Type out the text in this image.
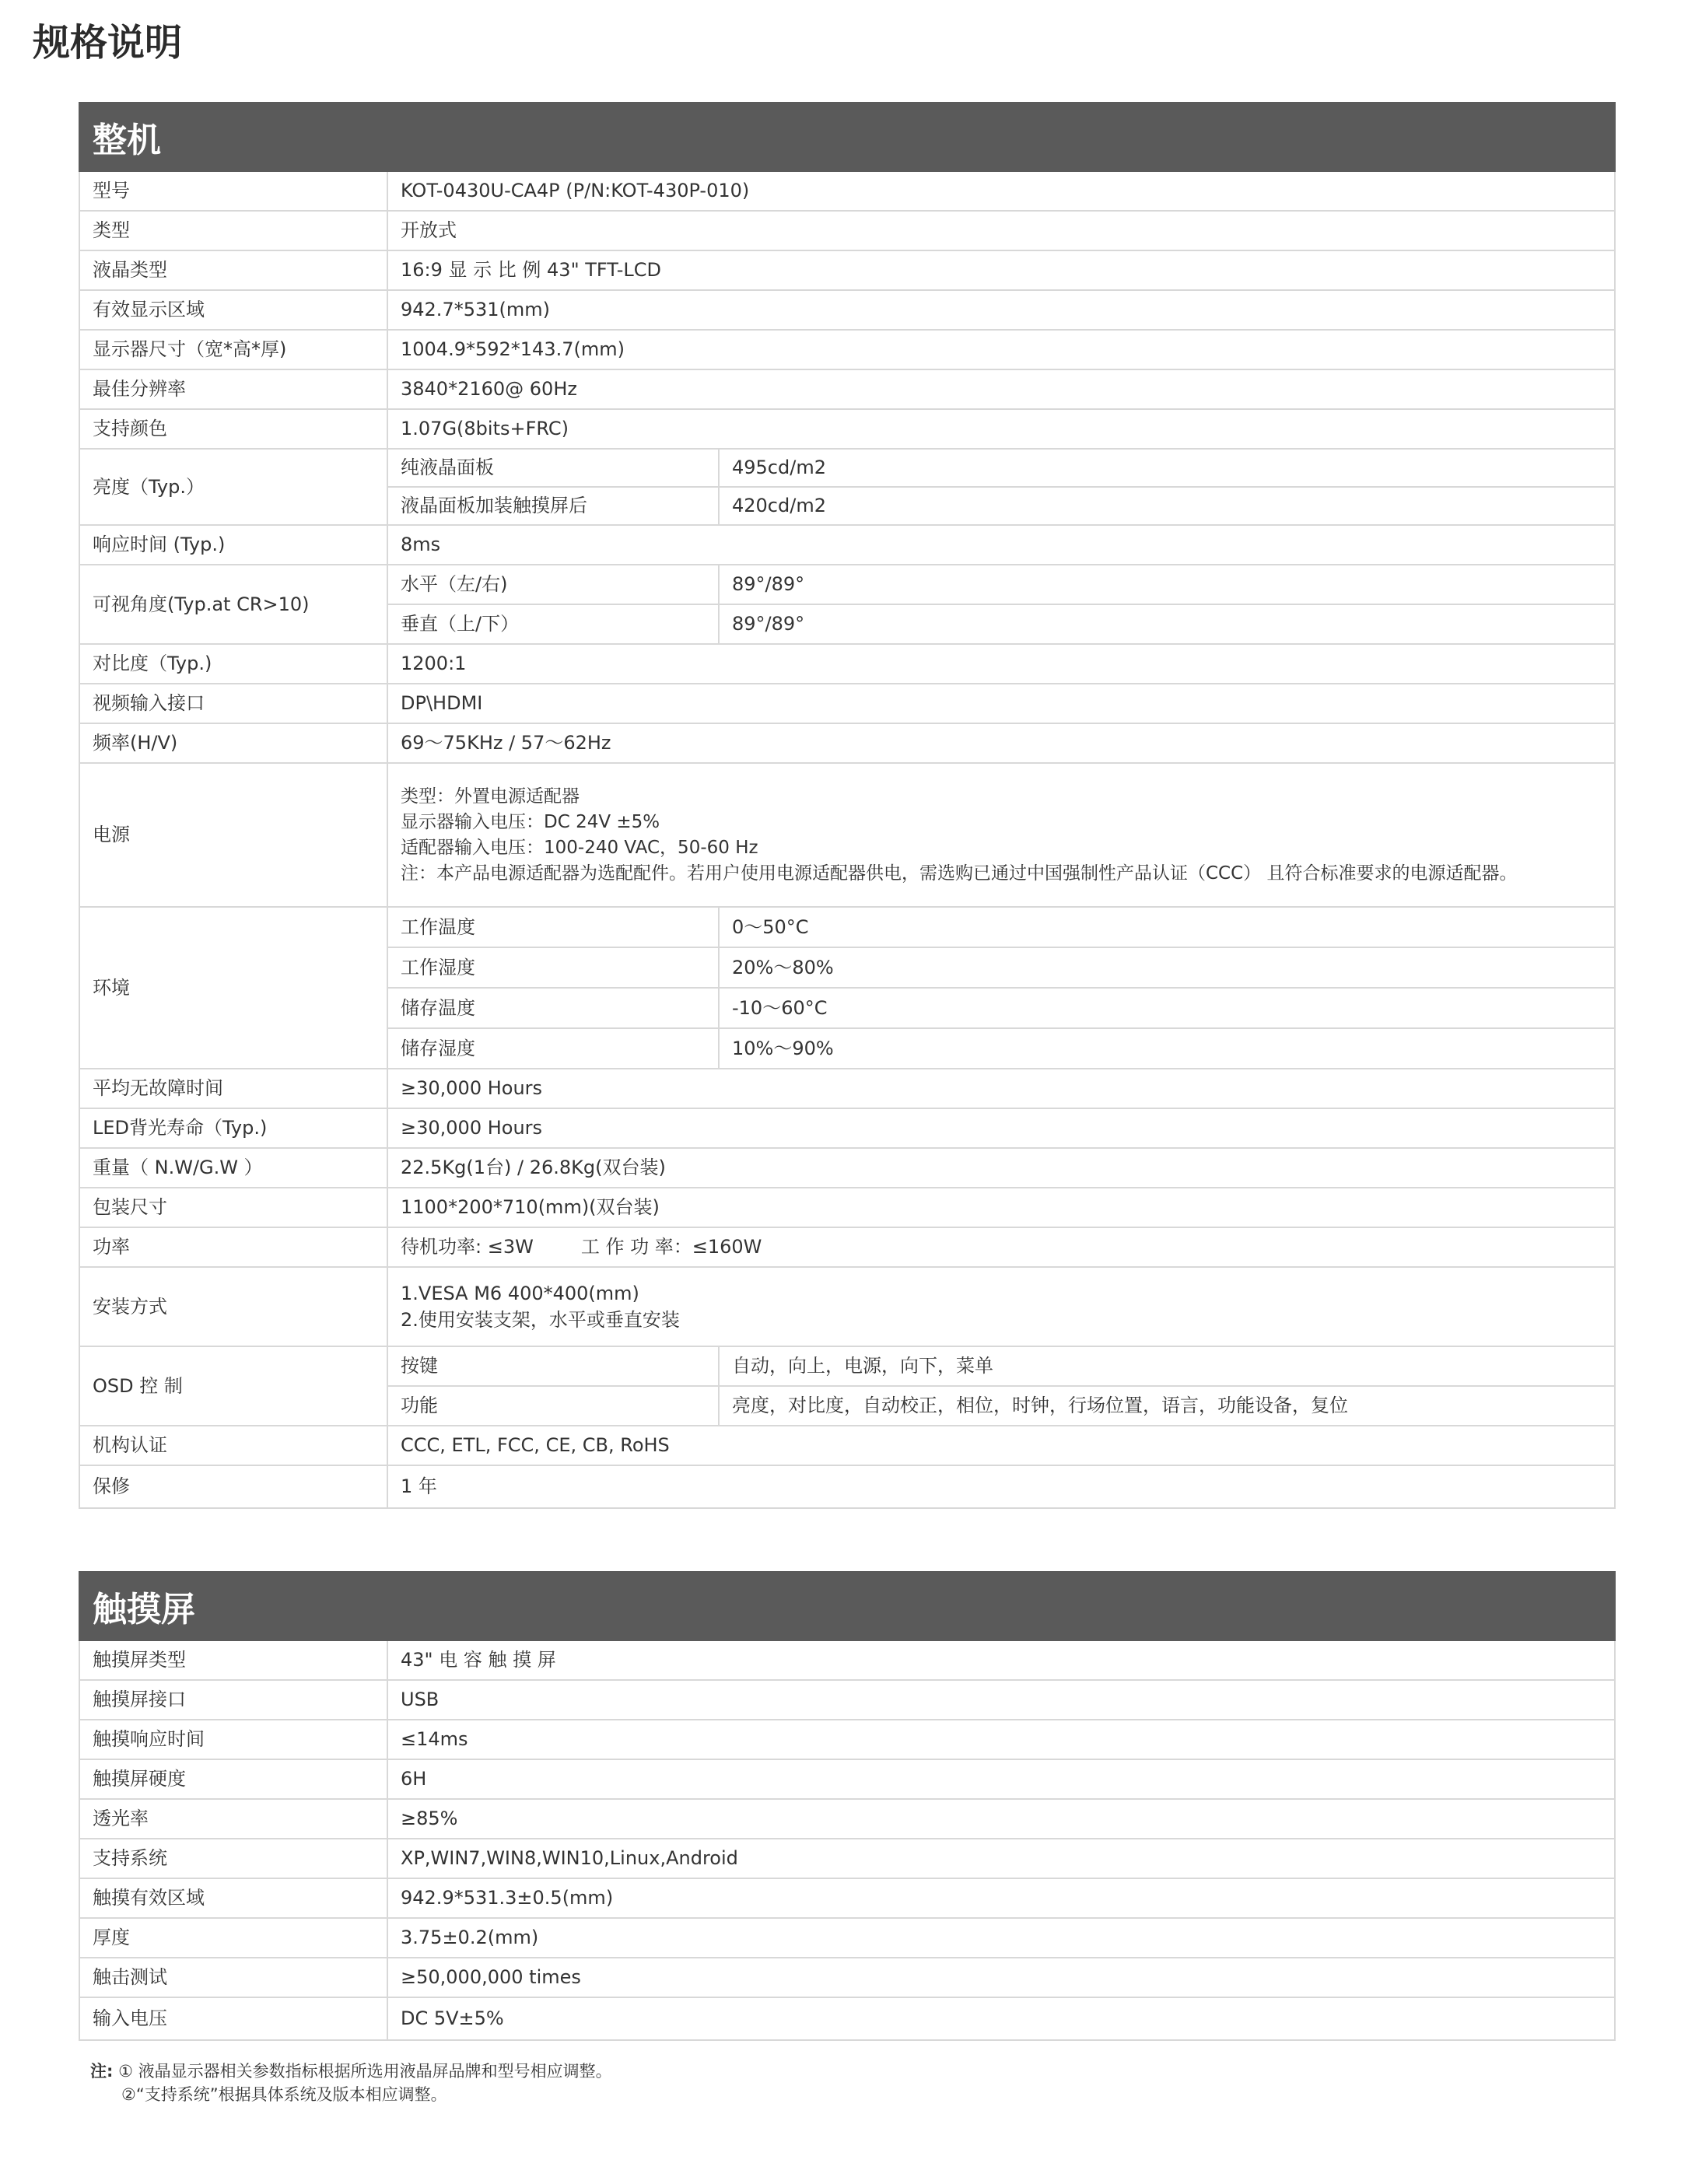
规格说明
整机		
型号	KOT-0430U-CA4P (P/N:KOT-430P-010)	
类型	开放式	
液晶类型	16:9 显 示 比 例 43" TFT-LCD	
有效显示区域	942.7*531(mm)	
显示器尺寸（宽*高*厚)	1004.9*592*143.7(mm)	
最佳分辨率	3840*2160@ 60Hz	
支持颜色	1.07G(8bits+FRC)	
亮度（Typ.）	纯液晶面板	495cd/m2
	液晶面板加装触摸屏后	420cd/m2
响应时间 (Typ.)	8ms	
可视角度(Typ.at CR>10)	水平（左/右)	89°/89°
	垂直（上/下）	89°/89°
对比度（Typ.)	1200:1	
视频输入接口	DP\HDMI	
频率(H/V)	69～75KHz / 57～62Hz	
电源	类型：外置电源适配器
显示器输入电压：DC 24V ±5%
适配器输入电压：100-240 VAC，50-60 Hz
注：本产品电源适配器为选配配件。若用户使用电源适配器供电，需选购已通过中国强制性产品认证（CCC） 且符合标准要求的电源适配器。	

环境	工作温度	0～50°C
	工作湿度	20%～80%
	储存温度	-10～60°C
	储存湿度	10%～90%
平均无故障时间	≥30,000 Hours	
LED背光寿命（Typ.)	≥30,000 Hours	
重量（ N.W/G.W ）	22.5Kg(1台) / 26.8Kg(双台装)	
包装尺寸	1100*200*710(mm)(双台装)	
功率	待机功率: ≤3W        工 作 功 率：≤160W	
安装方式	1.VESA M6 400*400(mm)
2.使用安装支架，水平或垂直安装	

OSD 控 制	按键	自动，向上，电源，向下，菜单
	功能	亮度，对比度，自动校正，相位，时钟，行场位置，语言，功能设备，复位
机构认证	CCC, ETL, FCC, CE, CB, RoHS	
保修	1 年	
触摸屏	
触摸屏类型	43" 电 容 触 摸 屏
触摸屏接口	USB
触摸响应时间	≤14ms
触摸屏硬度	6H
透光率	≥85%
支持系统	XP,WIN7,WIN8,WIN10,Linux,Android
触摸有效区域	942.9*531.3±0.5(mm)
厚度	3.75±0.2(mm)
触击测试	≥50,000,000 times
输入电压	DC 5V±5%
注: ① 液晶显示器相关参数指标根据所选用液晶屏品牌和型号相应调整。
②“支持系统”根据具体系统及版本相应调整。
